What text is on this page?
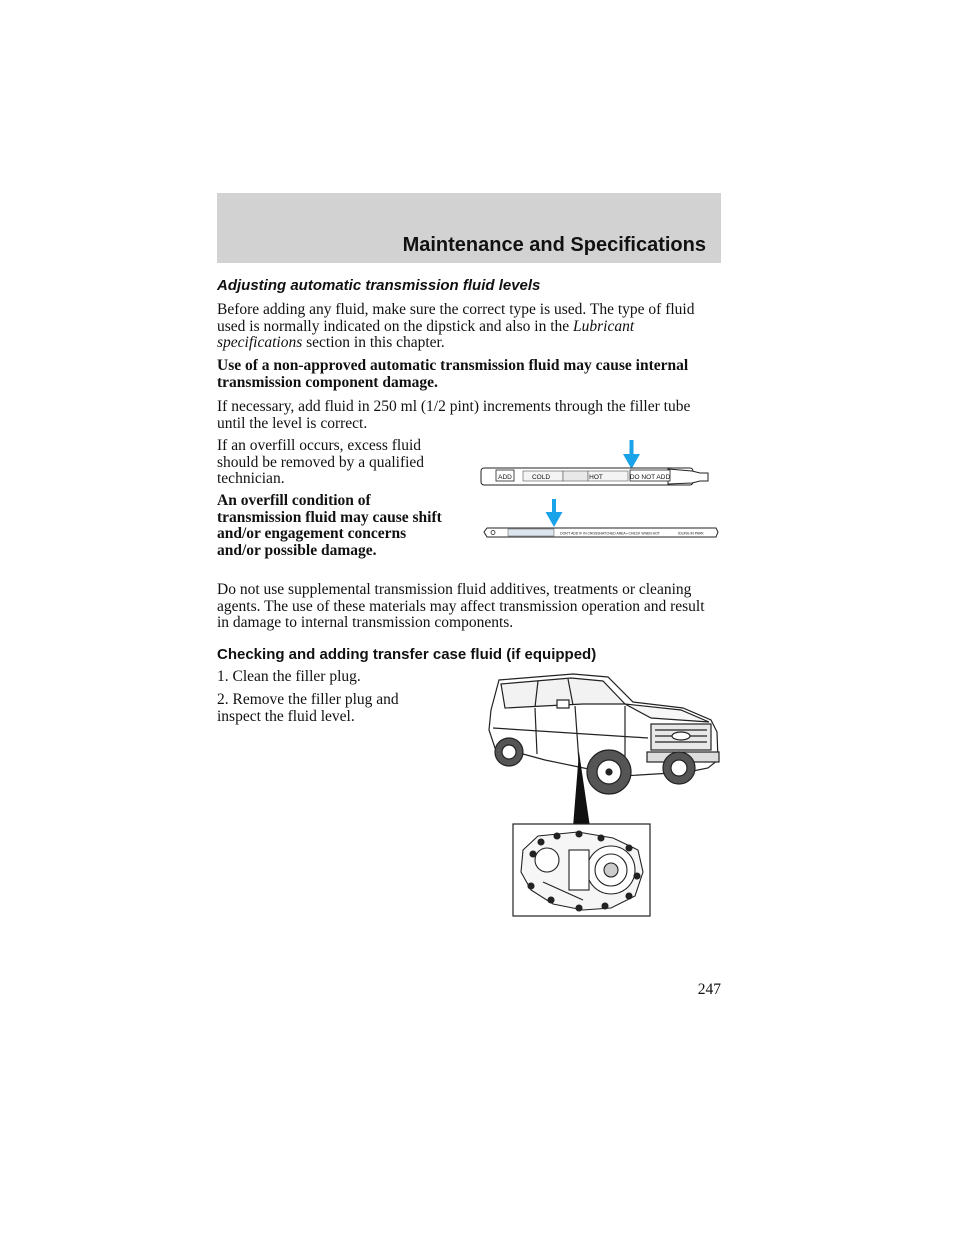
Maintenance and Specifications
Adjusting automatic transmission fluid levels

Before adding any fluid, make sure the correct type is used. The type of fluid used is normally indicated on the dipstick and also in the Lubricant specifications section in this chapter.

Use of a non-approved automatic transmission fluid may cause internal transmission component damage.

If necessary, add fluid in 250 ml (1/2 pint) increments through the filler tube until the level is correct.

If an overfill occurs, excess fluid should be removed by a qualified technician.

An overfill condition of transmission fluid may cause shift and/or engagement concerns and/or possible damage.

ADD	COLD	HOT	DO NOT ADD
DON'T ADD IF IN CROSSHATCHED AREA • CHECK WHEN HOT	IDLING IN PARK

Do not use supplemental transmission fluid additives, treatments or cleaning agents. The use of these materials may affect transmission operation and result in damage to internal transmission components.

Checking and adding transfer case fluid (if equipped)

1. Clean the filler plug.

2. Remove the filler plug and inspect the fluid level.

247
